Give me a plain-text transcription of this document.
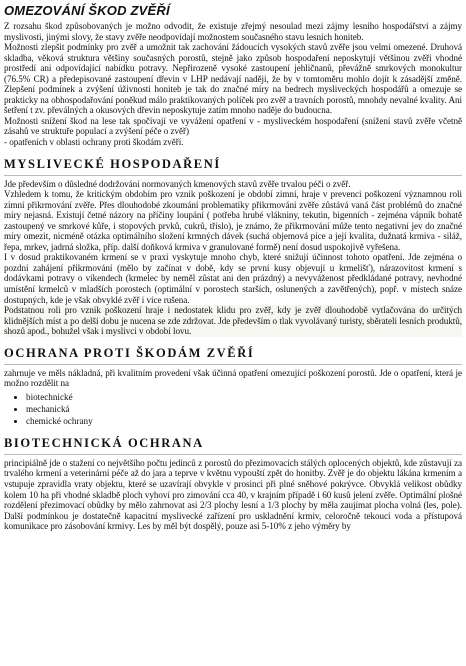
OMEZOVÁNÍ ŠKOD ZVĚŘÍ

Z rozsahu škod způsobovaných je možno odvodit, že existuje zřejmý nesoulad mezi zájmy lesního hospodářství a zájmy myslivosti, jinými slovy, že stavy zvěře neodpovídají možnostem současného stavu lesních honiteb.

Možnosti zlepšit podmínky pro zvěř a umožnit tak zachování žádoucích vysokých stavů zvěře jsou velmi omezené. Druhová skladba, věková struktura většiny současných porostů, stejně jako způsob hospodaření neposkytují většinou zvěři vhodné prostředí ani odpovídající nabídku potravy. Nepřirozeně vysoké zastoupení jehličnanů, převážně smrkových monokultur (76.5% CR) a předepisované zastoupení dřevin v LHP nedávají naději, že by v tomtoměru mohlo dojít k zásadější změně. Zlepšení podmínek a zvýšení úživnosti honiteb je tak do značné míry na bedrech mysliveckých hospodářů a omezuje se prakticky na obhospodařování poněkud málo praktikovaných políček pro zvěř a travních porostů, mnohdy nevalné kvality. Ani šetření t zv. převálných a okusových dřevin neposkytuje zatím mnoho naděje do budoucna.

Možnosti snížení škod na lese tak spočívají ve vyvážení opatření v - mysliveckém hospodaření (snížení stavů zvěře včetně zásahů ve struktuře populací a zvýšení péče o zvěř)

- opatřeních v oblasti ochrany proti škodám zvěří.

MYSLIVECKÉ HOSPODAŘENÍ

Jde především o důsledné dodržování normovaných kmenových stavů zvěře trvalou péči o zvěř.

Vzhledem k tomu, že kritickým obdobím pro vznik poškození je období zimní, hraje v prevenci poškození významnou roli zimní přikrmování zvěře. Přes dlouhodobé zkoumání problematiky přikrmování zvěře zůstává vaná část problémů do značné míry nejasná. Existují četné názory na příčiny loupání ( potřeba hrubé vlákniny, tekutin, bigenních - zejména vápník bohatě zastoupený ve smrkové kůře, i stopových prvků, cukrů, tříslo), je známo, že přikrmování může tento negativní jev do značné míry omezit, nicméně otázka optimálního složení krmných dávek (suchá objemová píce a její kvalita, dužnatá krmiva - siláž, řepa, mrkev, jadrná složka, příp. další doňková krmiva v granulované formě) není dosud uspokojivě vyřešena.

I v dosud praktikovaném krmení se v praxi vyskytuje mnoho chyb, které snižují účinnost tohoto opatření. Jde zejména o pozdní zahájení přikrmování (mělo by začínat v době, kdy se první kusy objevují u krmelišť), nárazovitost krmení s dodávkami potravy o víkendech (krmelec by neměl zůstat ani den prázdný) a nevyváženost předkládané potravy, nevhodné umístění krmelců v mladších porostech (optimální v porostech starších, oslunených a zavětřených), popř. v místech snáze dostupných, kde je však obvyklé zvěř i více rušena.

Podstatnou roli pro vznik poškození hraje i nedostatek klidu pro zvěř, kdy je zvěř dlouhodobě vytlačována do určitých klidnějších míst a po delší dobu je nucena se zde zdržovat. Jde především o tlak vyvolávaný turisty, sběrateli lesních produktů, shozů apod., bohužel však i myslivci v období lovu.

OCHRANA PROTI ŠKODÁM ZVĚŘÍ

zahrnuje ve měls nákladná, při kvalitním provedení však účinná opatření omezující poškození porostů. Jde o opatření, která je možno rozdělit na

• biotechnické
• mechanická
• chemické ochrany
BIOTECHNICKÁ OCHRANA

principiálně jde o stažení co největšího počtu jedinců z porostů do přezimovacích stálých oplocených objektů, kde zůstavují za trvalého krmení a veterinární péče až do jara a teprve v květnu vypouští zpět do honitby. Zvěř je do objektu lákána krmením a vstupuje zpravidla vraty objektu, které se uzavírají obvykle v prosinci při plné sněhové pokrývce. Obvyklá velikost obůdky kolem 10 ha při vhodné skladbě ploch vyhoví pro zimování cca 40, v krajním případě i 60 kusů jelení zvěře. Optimální plošné rozdělení přezimovací obůdky by mělo zahrnovat asi 2/3 plochy lesní a 1/3 plochy by měla zaujímat plocha volná (les, pole). Další podmínkou je dostatečně kapacitní myslivecké zařízení pro uskladnění krmiv, celoročně tekoucí voda a přístupová komunikace pro zásobování krmivy. Les by měl být dospělý, pouze asi 5-10% z jeho výměry by
